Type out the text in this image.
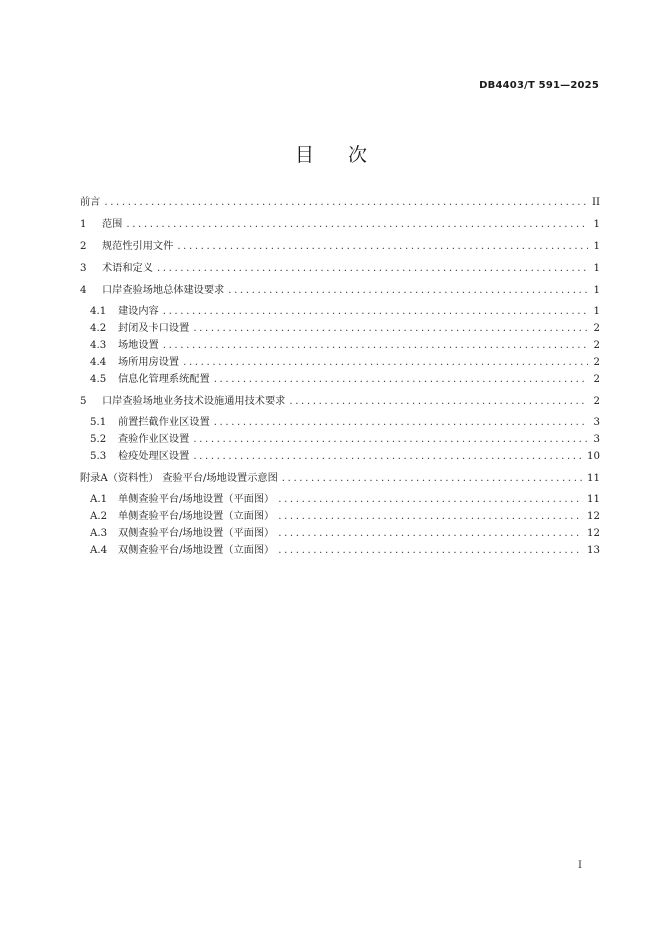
DB4403/T 591—2025
目次
前言 .....	II
1	范围 .....	1
2	规范性引用文件 .....	1
3	术语和定义 .....	1
4	口岸查验场地总体建设要求 .....	1
4.1	建设内容 .....	1
4.2	封闭及卡口设置 .....	2
4.3	场地设置 .....	2
4.4	场所用房设置 .....	2
4.5	信息化管理系统配置 .....	2
5	口岸查验场地业务技术设施通用技术要求 .....	2
5.1	前置拦截作业区设置 .....	3
5.2	查验作业区设置 .....	3
5.3	检疫处理区设置 .....	10
附录A（资料性） 查验平台/场地设置示意图 .....	11
A.1	单侧查验平台/场地设置（平面图） .....	11
A.2	单侧查验平台/场地设置（立面图） .....	12
A.3	双侧查验平台/场地设置（平面图） .....	12
A.4	双侧查验平台/场地设置（立面图） .....	13
I
